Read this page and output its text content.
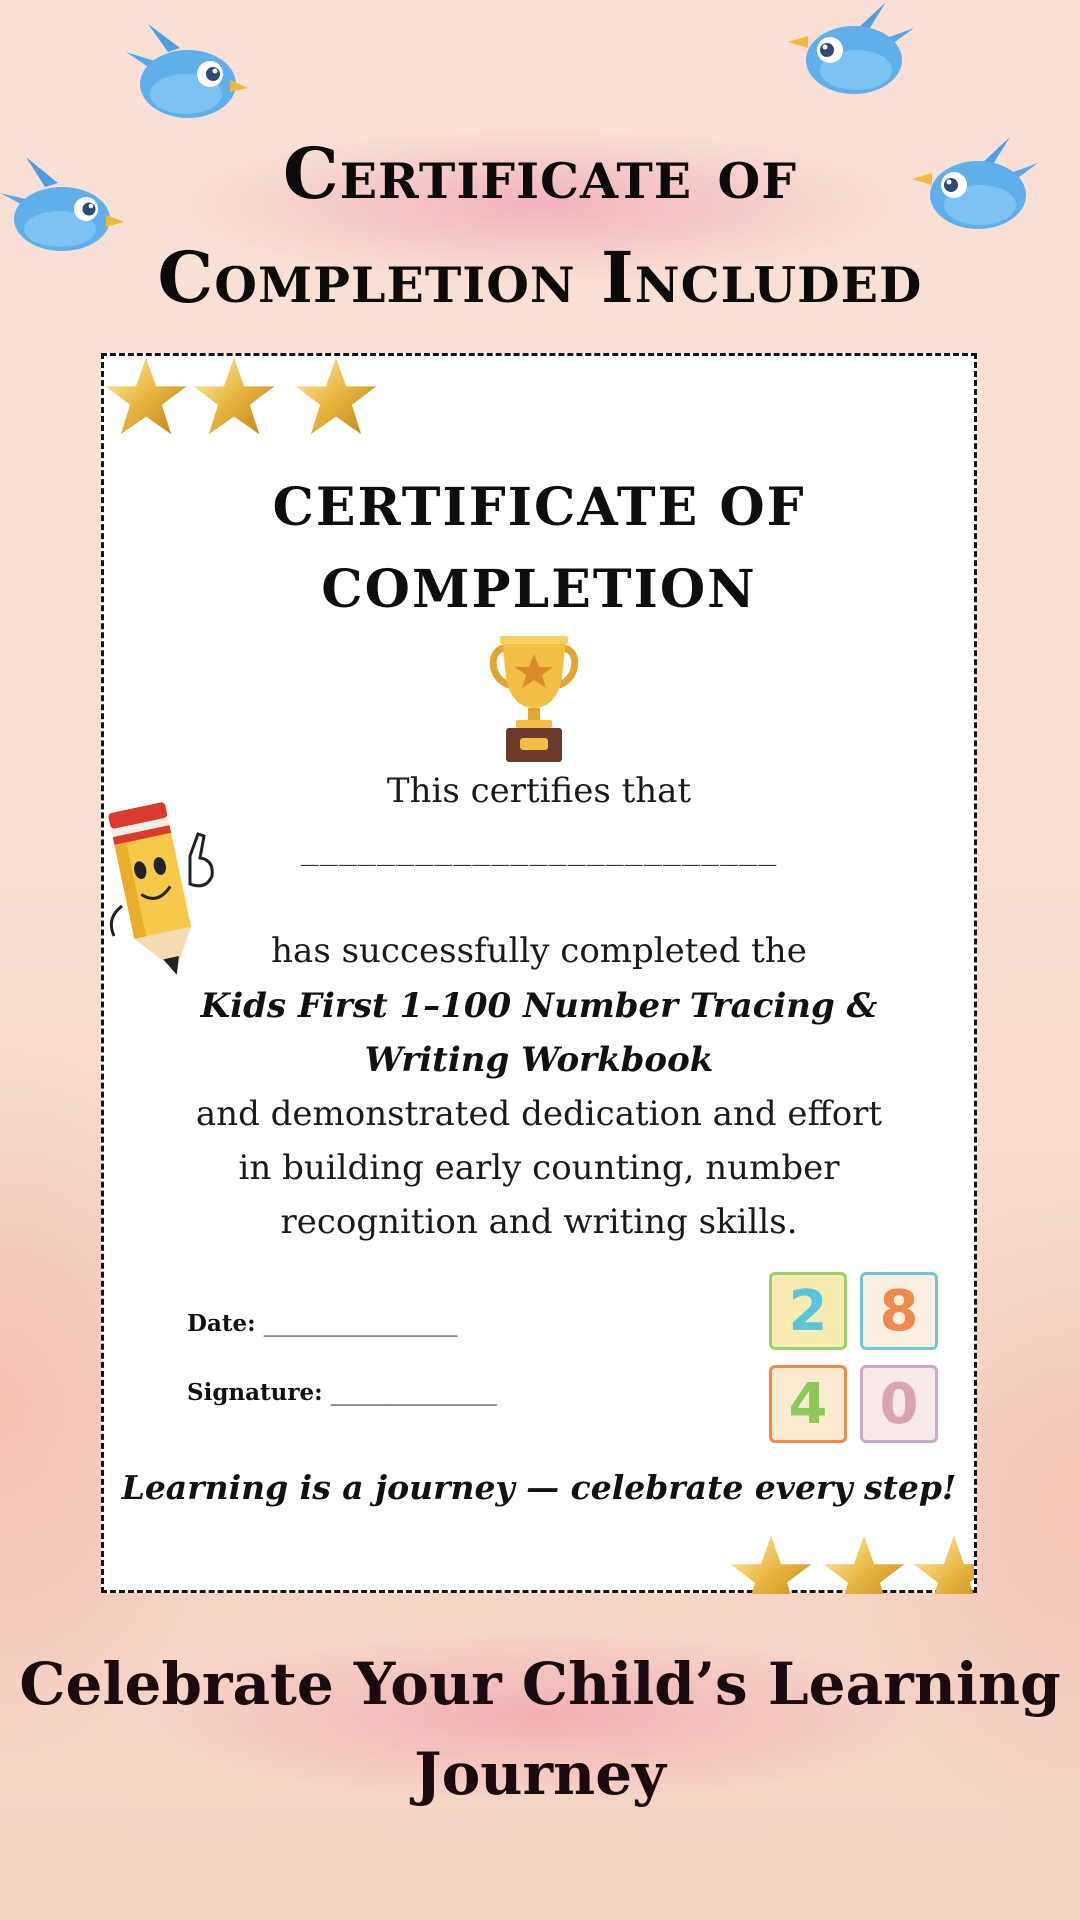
Certificate of
Completion Included
CERTIFICATE OF
COMPLETION
This certifies that
_________________________
has successfully completed the
Kids First 1–100 Number Tracing &
Writing Workbook
and demonstrated dedication and effort
in building early counting, number
recognition and writing skills.
Date: ______________
Signature: ____________
2 8
4 0
Learning is a journey — celebrate every step!
Celebrate Your Child’s Learning
Journey
